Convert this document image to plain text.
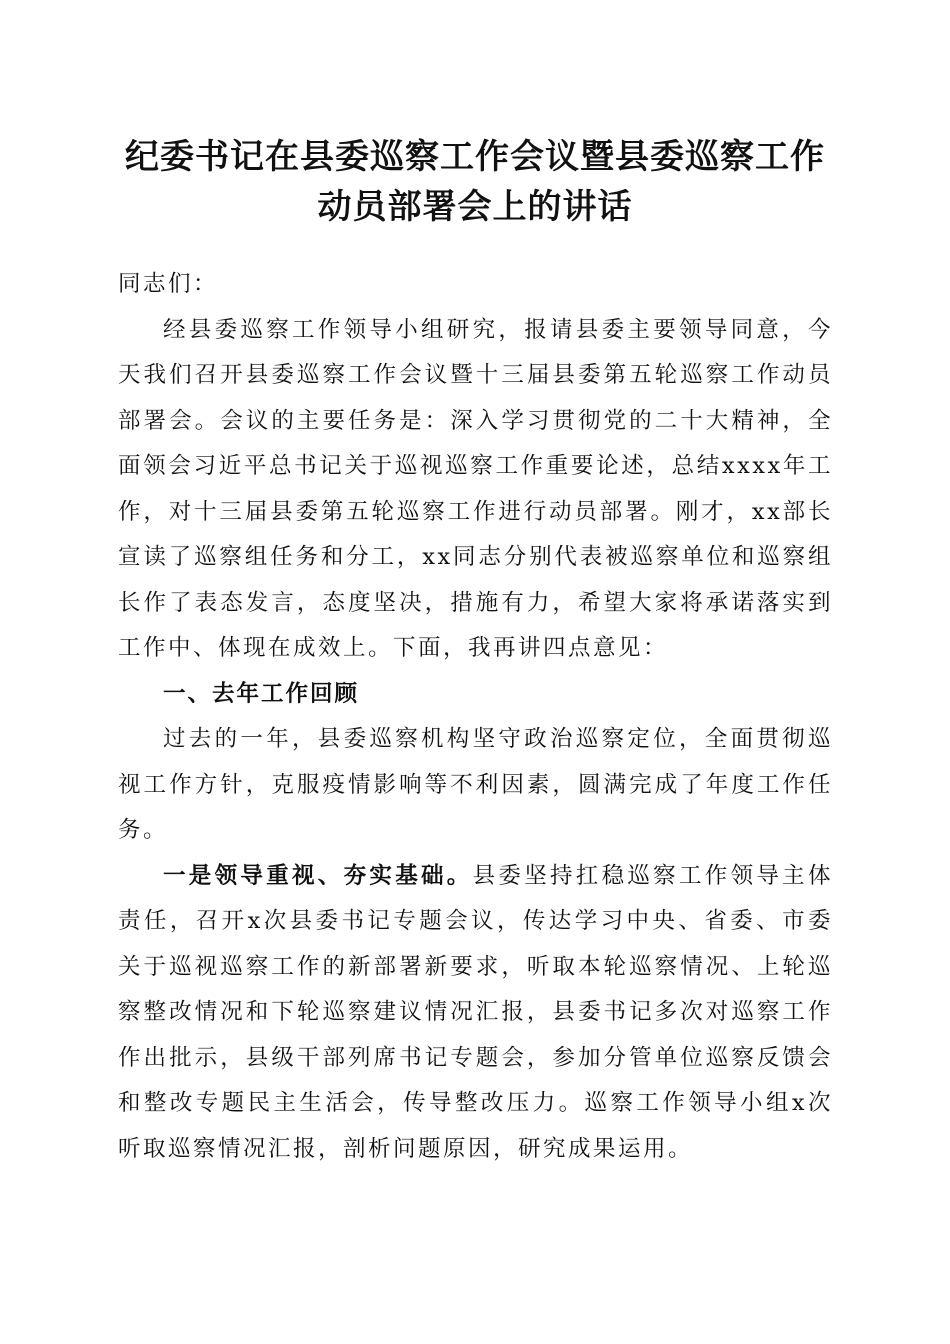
纪委书记在县委巡察工作会议暨县委巡察工作
动员部署会上的讲话

同志们：

经县委巡察工作领导小组研究，报请县委主要领导同意，今天我们召开县委巡察工作会议暨十三届县委第五轮巡察工作动员部署会。会议的主要任务是：深入学习贯彻党的二十大精神，全面领会习近平总书记关于巡视巡察工作重要论述，总结xxxx年工作，对十三届县委第五轮巡察工作进行动员部署。刚才，xx部长宣读了巡察组任务和分工，xx同志分别代表被巡察单位和巡察组长作了表态发言，态度坚决，措施有力，希望大家将承诺落实到工作中、体现在成效上。下面，我再讲四点意见：

一、去年工作回顾

过去的一年，县委巡察机构坚守政治巡察定位，全面贯彻巡视工作方针，克服疫情影响等不利因素，圆满完成了年度工作任务。

一是领导重视、夯实基础。县委坚持扛稳巡察工作领导主体责任，召开x次县委书记专题会议，传达学习中央、省委、市委关于巡视巡察工作的新部署新要求，听取本轮巡察情况、上轮巡察整改情况和下轮巡察建议情况汇报，县委书记多次对巡察工作作出批示，县级干部列席书记专题会，参加分管单位巡察反馈会和整改专题民主生活会，传导整改压力。巡察工作领导小组x次听取巡察情况汇报，剖析问题原因，研究成果运用。
